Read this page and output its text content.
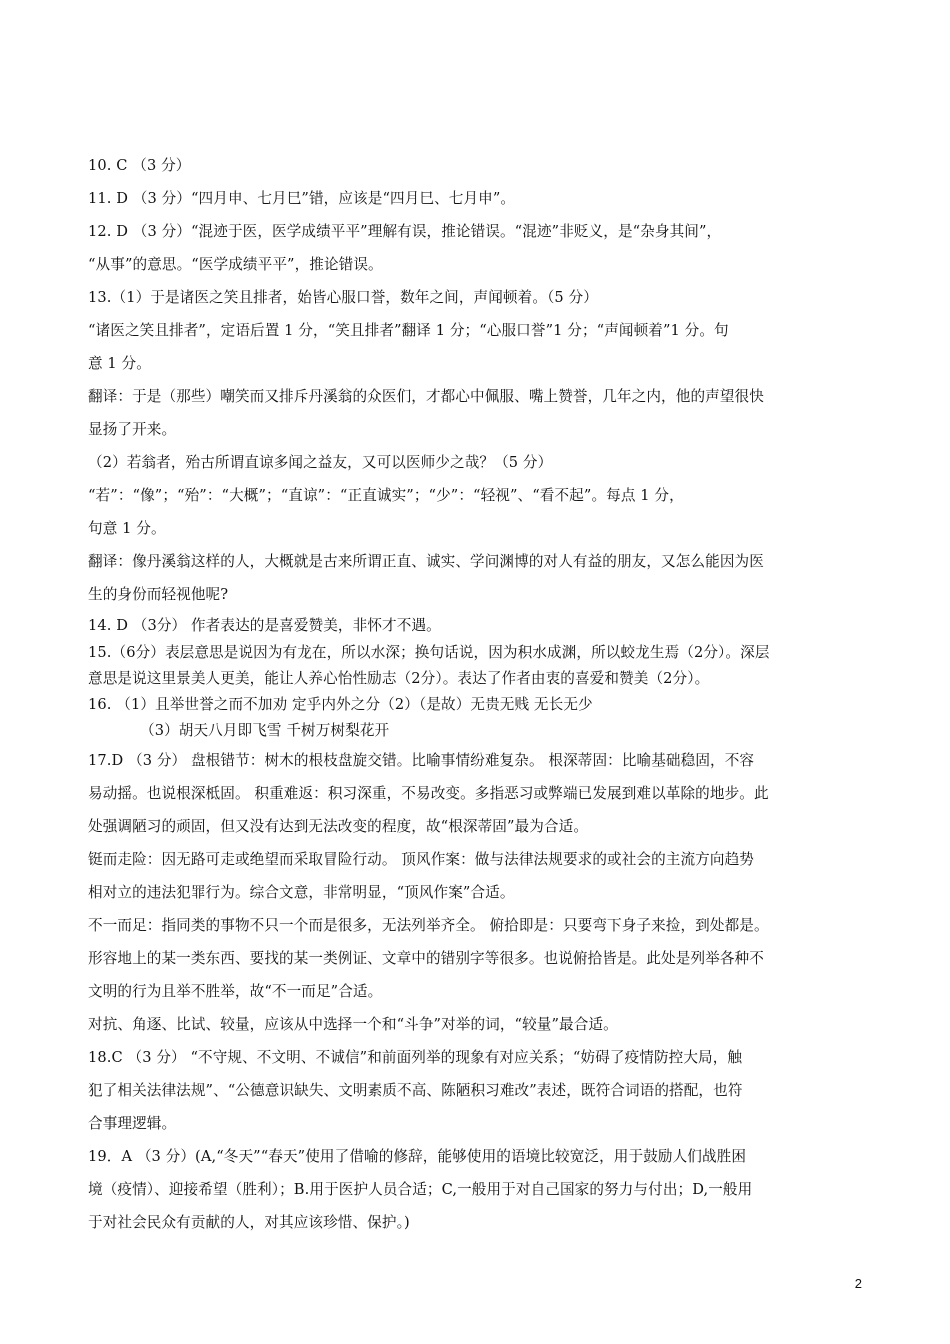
10. C （3 分）
11. D （3 分）“四月申、七月巳”错，应该是“四月巳、七月申”。
12. D （3 分）“混迹于医，医学成绩平平”理解有误，推论错误。“混迹”非贬义，是“杂身其间”，
“从事”的意思。“医学成绩平平”，推论错误。
13.（1）于是诸医之笑且排者，始皆心服口誉，数年之间，声闻顿着。（5 分）
“诸医之笑且排者”，定语后置 1 分，“笑且排者”翻译 1 分；“心服口誉”1 分；“声闻顿着”1 分。句
意 1 分。
翻译：于是（那些）嘲笑而又排斥丹溪翁的众医们，才都心中佩服、嘴上赞誉，几年之内，他的声望很快
显扬了开来。
（2）若翁者，殆古所谓直谅多闻之益友，又可以医师少之哉？（5 分）
“若”：“像”；“殆”：“大概”；“直谅”：“正直诚实”；“少”：“轻视”、“看不起”。每点 1 分，
句意 1 分。
翻译：像丹溪翁这样的人，大概就是古来所谓正直、诚实、学问渊博的对人有益的朋友，又怎么能因为医
生的身份而轻视他呢?
14. D （3分） 作者表达的是喜爱赞美，非怀才不遇。
15.（6分）表层意思是说因为有龙在，所以水深；换句话说，因为积水成渊，所以蛟龙生焉（2分）。深层
意思是说这里景美人更美，能让人养心怡性励志（2分）。表达了作者由衷的喜爱和赞美（2分）。
16. （1）且举世誉之而不加劝 定乎内外之分（2）（是故）无贵无贱 无长无少
（3）胡天八月即飞雪 千树万树梨花开
17.D （3 分） 盘根错节：树木的根枝盘旋交错。比喻事情纷难复杂。 根深蒂固：比喻基础稳固，不容
易动摇。也说根深柢固。 积重难返：积习深重，不易改变。多指恶习或弊端已发展到难以革除的地步。此
处强调陋习的顽固，但又没有达到无法改变的程度，故“根深蒂固”最为合适。
铤而走险：因无路可走或绝望而采取冒险行动。 顶风作案：做与法律法规要求的或社会的主流方向趋势
相对立的违法犯罪行为。综合文意，非常明显，“顶风作案”合适。
不一而足：指同类的事物不只一个而是很多，无法列举齐全。 俯拾即是：只要弯下身子来捡，到处都是。
形容地上的某一类东西、要找的某一类例证、文章中的错别字等很多。也说俯拾皆是。此处是列举各种不
文明的行为且举不胜举，故“不一而足”合适。
对抗、角逐、比试、较量，应该从中选择一个和“斗争”对举的词，“较量”最合适。
18.C （3 分） “不守规、不文明、不诚信”和前面列举的现象有对应关系；“妨碍了疫情防控大局，触
犯了相关法律法规”、“公德意识缺失、文明素质不高、陈陋积习难改”表述，既符合词语的搭配，也符
合事理逻辑。
19．A （3 分）(A,“冬天”“春天”使用了借喻的修辞，能够使用的语境比较宽泛，用于鼓励人们战胜困
境（疫情）、迎接希望（胜利）；B.用于医护人员合适；C,一般用于对自己国家的努力与付出；D,一般用
于对社会民众有贡献的人，对其应该珍惜、保护。)
2
